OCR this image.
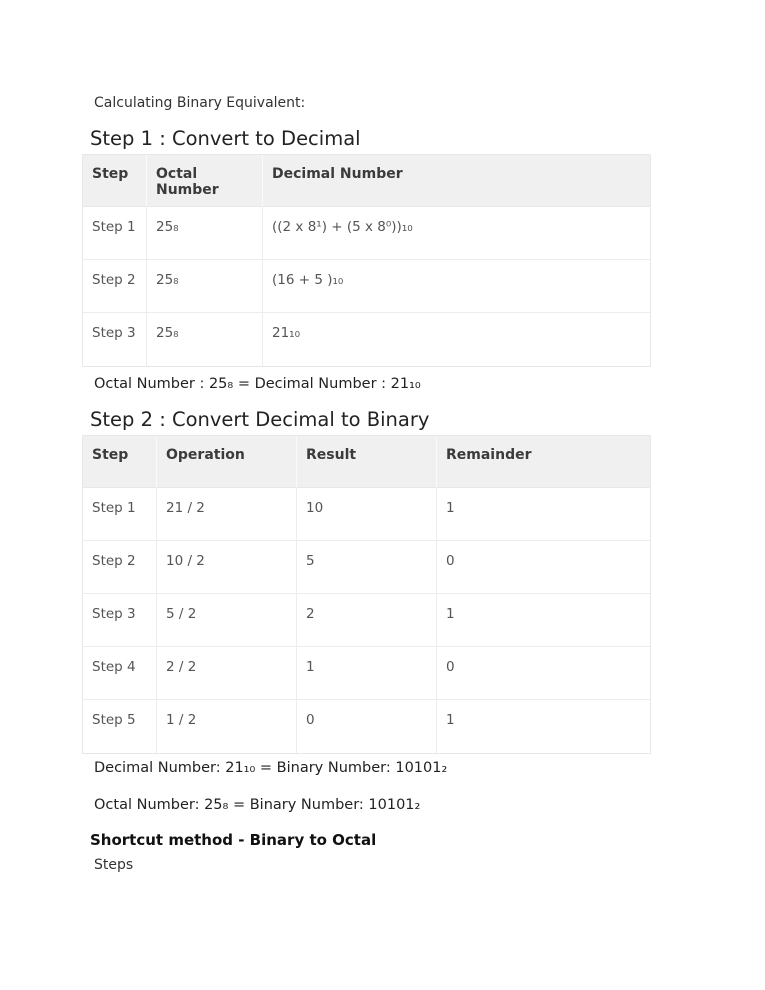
Calculating Binary Equivalent:

Step 1 : Convert to Decimal
Step	Octal Number	Decimal Number
Step 1	25₈	((2 x 8¹) + (5 x 8⁰))₁₀
Step 2	25₈	(16 + 5 )₁₀
Step 3	25₈	21₁₀

Octal Number : 25₈ = Decimal Number : 21₁₀

Step 2 : Convert Decimal to Binary
Step	Operation	Result	Remainder
Step 1	21 / 2	10	1
Step 2	10 / 2	5	0
Step 3	5 / 2	2	1
Step 4	2 / 2	1	0
Step 5	1 / 2	0	1

Decimal Number: 21₁₀ = Binary Number: 10101₂

Octal Number: 25₈ = Binary Number: 10101₂

Shortcut method - Binary to Octal

Steps
